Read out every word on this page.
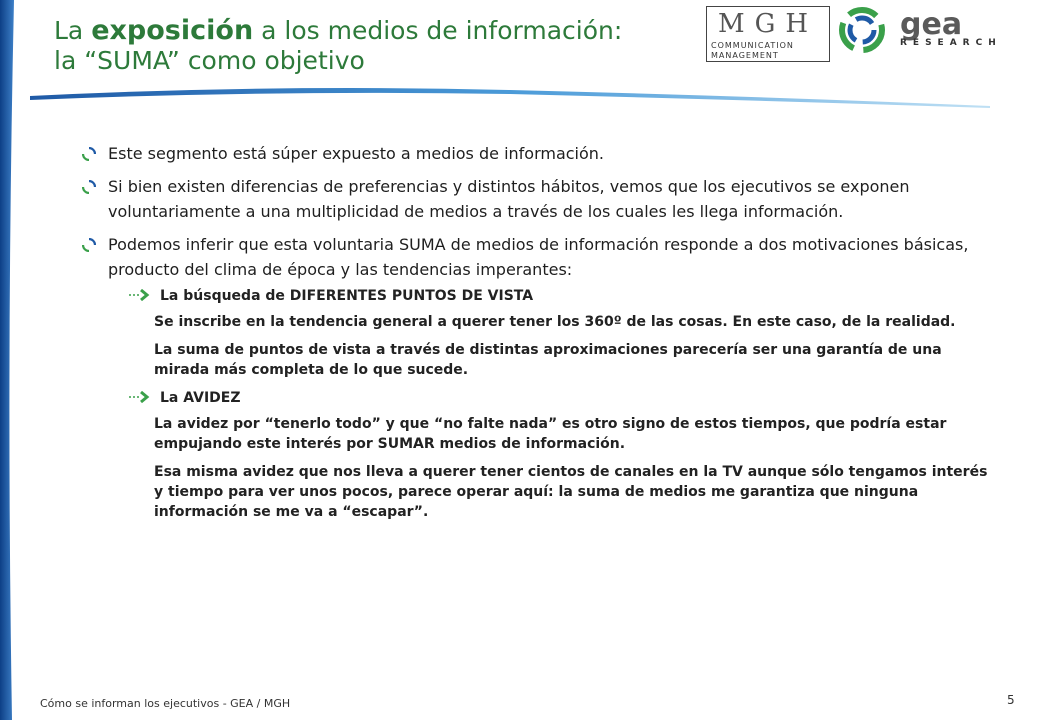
La exposición a los medios de información:
la “SUMA” como objetivo
MGH
COMMUNICATION
MANAGEMENT
gea
RESEARCH
Este segmento está súper expuesto a medios de información.
Si bien existen diferencias de preferencias y distintos hábitos, vemos que los ejecutivos se exponen voluntariamente a una multiplicidad de medios a través de los cuales les llega información.
Podemos inferir que esta voluntaria SUMA de medios de información responde a dos motivaciones básicas, producto del clima de época y las tendencias imperantes:
La búsqueda de DIFERENTES PUNTOS DE VISTA
Se inscribe en la tendencia general a querer tener los 360º de las cosas. En este caso, de la realidad.
La suma de puntos de vista a través de distintas aproximaciones parecería ser una garantía de una mirada más completa de lo que sucede.
La AVIDEZ
La avidez por “tenerlo todo” y que “no falte nada” es otro signo de estos tiempos, que podría estar empujando este interés por SUMAR medios de información.
Esa misma avidez que nos lleva a querer tener cientos de canales en la TV aunque sólo tengamos interés y tiempo para ver unos pocos, parece operar aquí: la suma de medios me garantiza que ninguna información se me va a “escapar”.
Cómo se informan los ejecutivos - GEA / MGH	5
